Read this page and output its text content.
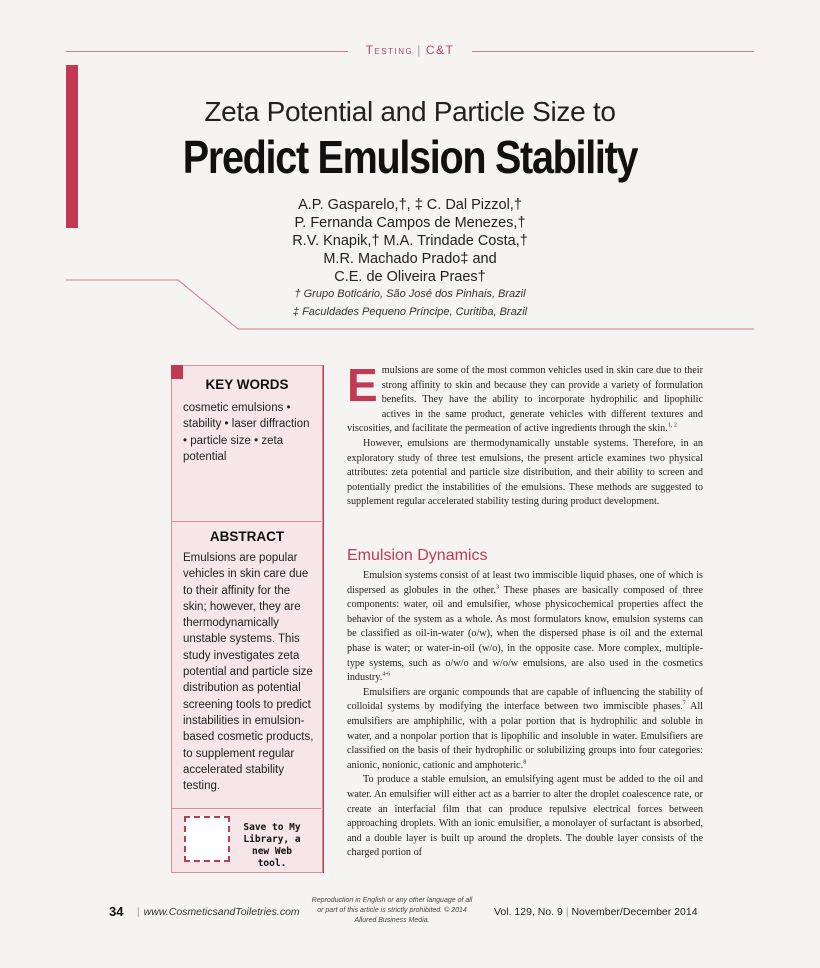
Testing | C&T
Zeta Potential and Particle Size to
Predict Emulsion Stability
A.P. Gasparelo,†, ‡ C. Dal Pizzol,†
P. Fernanda Campos de Menezes,†
R.V. Knapik,† M.A. Trindade Costa,†
M.R. Machado Prado‡ and
C.E. de Oliveira Praes†
† Grupo Boticário, São José dos Pinhais, Brazil
‡ Faculdades Pequeno Príncipe, Curitiba, Brazil
KEY WORDS
cosmetic emulsions • stability • laser diffraction • particle size • zeta potential
ABSTRACT
Emulsions are popular vehicles in skin care due to their affinity for the skin; however, they are thermodynamically unstable systems. This study investigates zeta potential and particle size distribution as potential screening tools to predict instabilities in emulsion-based cosmetic products, to supplement regular accelerated stability testing.
Save to My Library, a new Web tool.

Emulsions are some of the most common vehicles used in skin care due to their strong affinity to skin and because they can provide a variety of formulation benefits. They have the ability to incorporate hydrophilic and lipophilic actives in the same product, generate vehicles with different textures and viscosities, and facilitate the permeation of active ingredients through the skin.$^{1, 2}$

However, emulsions are thermodynamically unstable systems. Therefore, in an exploratory study of three test emulsions, the present article examines two physical attributes: zeta potential and particle size distribution, and their ability to screen and potentially predict the instabilities of the emulsions. These methods are suggested to supplement regular accelerated stability testing during product development.

Emulsion Dynamics

Emulsion systems consist of at least two immiscible liquid phases, one of which is dispersed as globules in the other.$^3$ These phases are basically composed of three components: water, oil and emulsifier, whose physicochemical properties affect the behavior of the system as a whole. As most formulators know, emulsion systems can be classified as oil-in-water (o/w), when the dispersed phase is oil and the external phase is water; or water-in-oil (w/o), in the opposite case. More complex, multiple-type systems, such as o/w/o and w/o/w emulsions, are also used in the cosmetics industry.$^{4-6}$

Emulsifiers are organic compounds that are capable of influencing the stability of colloidal systems by modifying the interface between two immiscible phases.$^7$ All emulsifiers are amphiphilic, with a polar portion that is hydrophilic and soluble in water, and a nonpolar portion that is lipophilic and insoluble in water. Emulsifiers are classified on the basis of their hydrophilic or solubilizing groups into four categories: anionic, nonionic, cationic and amphoteric.$^8$

To produce a stable emulsion, an emulsifying agent must be added to the oil and water. An emulsifier will either act as a barrier to alter the droplet coalescence rate, or create an interfacial film that can produce repulsive electrical forces between approaching droplets. With an ionic emulsifier, a monolayer of surfactant is absorbed, and a double layer is built up around the droplets. The double layer consists of the charged portion of

34 | www.CosmeticsandToiletries.com
Reproduction in English or any other language of all or part of this article is strictly prohibited. © 2014 Allured Business Media.
Vol. 129, No. 9 | November/December 2014
